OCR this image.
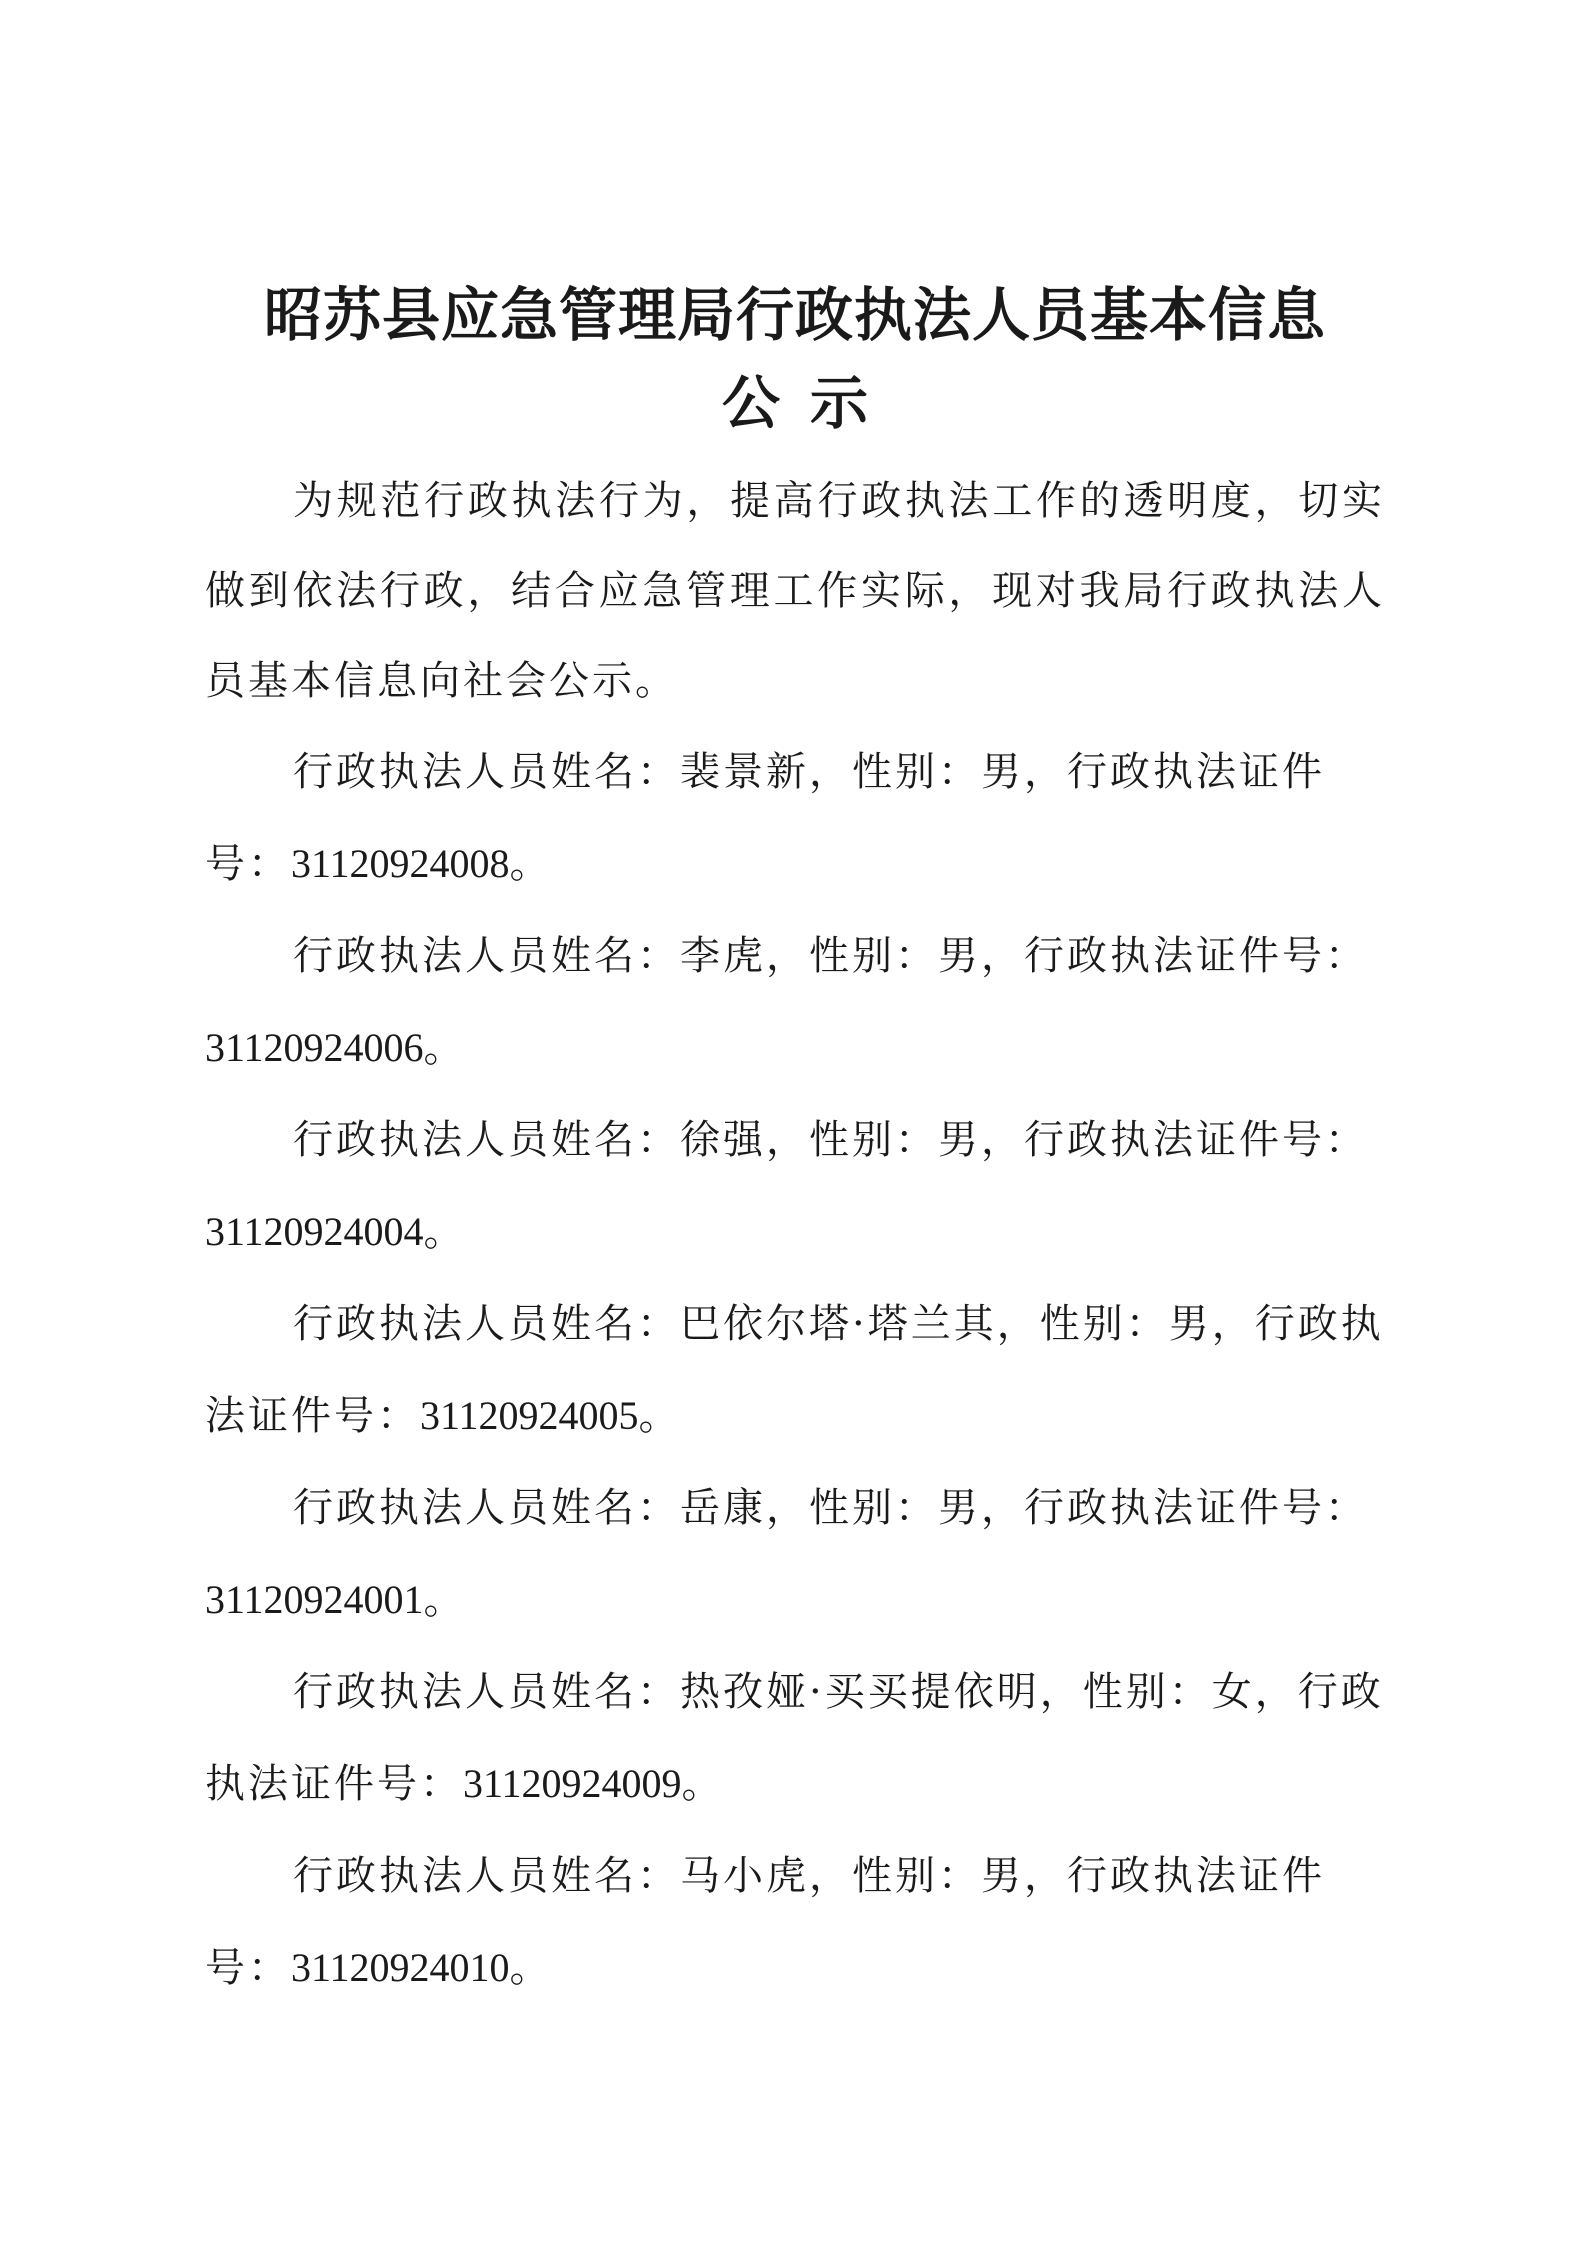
昭苏县应急管理局行政执法人员基本信息
公示

为规范行政执法行为，提高行政执法工作的透明度，切实做到依法行政，结合应急管理工作实际，现对我局行政执法人员基本信息向社会公示。

行政执法人员姓名：裴景新，性别：男，行政执法证件号：31120924008。

行政执法人员姓名：李虎，性别：男，行政执法证件号：31120924006。

行政执法人员姓名：徐强，性别：男，行政执法证件号：31120924004。

行政执法人员姓名：巴依尔塔·塔兰其，性别：男，行政执法证件号：31120924005。

行政执法人员姓名：岳康，性别：男，行政执法证件号：31120924001。

行政执法人员姓名：热孜娅·买买提依明，性别：女，行政执法证件号：31120924009。

行政执法人员姓名：马小虎，性别：男，行政执法证件号：31120924010。
